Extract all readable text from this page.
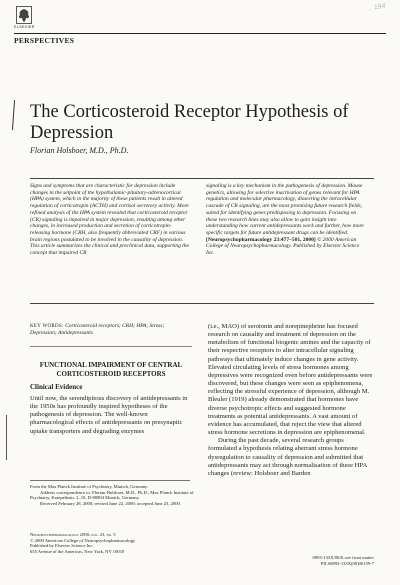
ELSEVIER
.. 194
PERSPECTIVES
The Corticosteroid Receptor Hypothesis of Depression
Florian Holsboer, M.D., Ph.D.
Signs and symptoms that are characteristic for depression include changes in the setpoint of the hypothalamic-pituitary-adrenocortical (HPA) system, which in the majority of these patients result in altered regulation of corticotropin (ACTH) and cortisol secretory activity. More refined analysis of the HPA system revealed that corticosteroid receptor (CR) signaling is impaired in major depression, resulting among other changes, in increased production and secretion of corticotropin-releasing hormone (CRH, also frequently abbreviated CRF) in various brain regions postulated to be involved in the causality of depression. This article summarizes the clinical and preclinical data, supporting the concept that impaired CR
signaling is a key mechanism in the pathogenesis of depression. Mouse genetics, allowing for selective inactivation of genes relevant for HPA regulation and molecular pharmacology, dissecting the intracellular cascade of CR signaling, are the most promising future research fields, suited for identifying genes predisposing to depression. Focusing on these two research lines may also allow to gain insight into understanding how current antidepressants work and further, how more specific targets for future antidepressant drugs can be identified. [Neuropsychopharmacology 23:477–501, 2000] © 2000 American College of Neuropsychopharmacology. Published by Elsevier Science Inc.
KEY WORDS: Corticosteroid receptors; CRH; HPA; Stress; Depression; Antidepressants
FUNCTIONAL IMPAIRMENT OF CENTRAL CORTICOSTEROID RECEPTORS
Clinical Evidence

Until now, the serendipitous discovery of antidepressants in the 1950s has profoundly inspired hypotheses of the pathogenesis of depression. The well-known pharmacological effects of antidepressants on presynaptic uptake transporters and degrading enzymes

(i.e., MAO) of serotonin and norepinephrine has focused research on causality and treatment of depression on the metabolism of functional biogenic amines and the capacity of their respective receptors to alter intracellular signaling pathways that ultimately induce changes in gene activity. Elevated circulating levels of stress hormones among depressives were recognized even before antidepressants were discovered, but these changes were seen as epiphenomena, reflecting the stressful experience of depression, although M. Bleuler (1919) already demonstrated that hormones have diverse psychotropic effects and suggested hormone treatments as potential antidepressants. A vast amount of evidence has accumulated, that reject the view that altered stress hormone secretions in depression are epiphenomenal.

During the past decade, several research groups formulated a hypothesis relating aberrant stress hormone dysregulation to causality of depression and submitted that antidepressants may act through normalisation of these HPA changes (review: Holsboer and Barden

From the Max Planck Institute of Psychiatry, Munich, Germany.

Address correspondence to: Florian Holsboer, M.D., Ph.D., Max Planck Institute of Psychiatry, Kraepelinstr. 2–10, D-80804 Munich, Germany.

Received February 28, 2000; revised June 22, 2000; accepted June 23, 2000.

Neuropsychopharmacology 2000–vol. 23, no. 5

© 2000 American College of Neuropsychopharmacology

Published by Elsevier Science Inc.

655 Avenue of the Americas, New York, NY 10010

0893-133X/00/$–see front matter

PII S0893-133X(00)00159-7
